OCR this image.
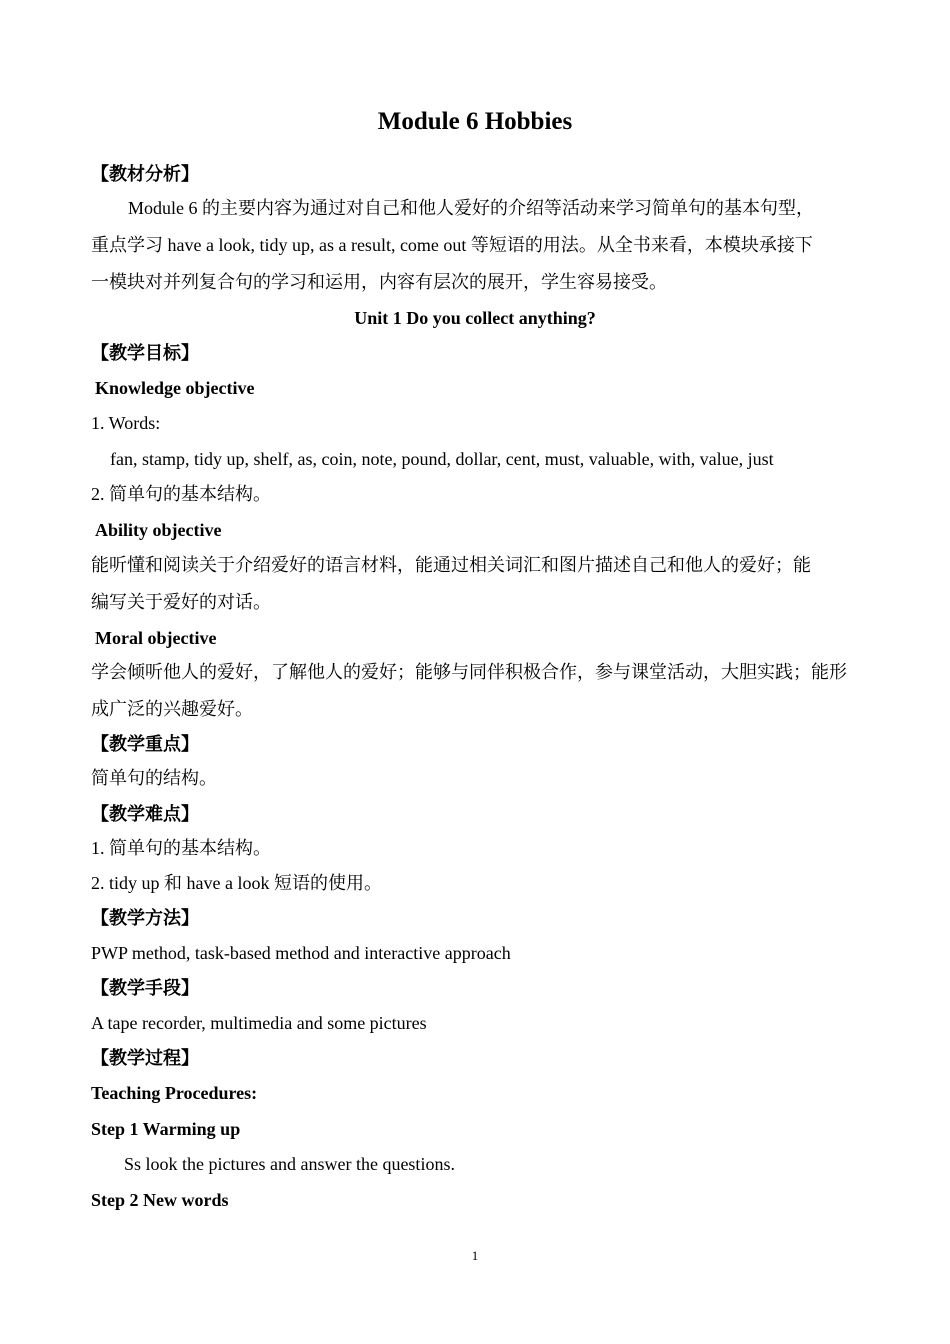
Module 6 Hobbies
【教材分析】
Module 6 的主要内容为通过对自己和他人爱好的介绍等活动来学习简单句的基本句型，
重点学习 have a look, tidy up, as a result, come out 等短语的用法。从全书来看，本模块承接下
一模块对并列复合句的学习和运用，内容有层次的展开，学生容易接受。
Unit 1 Do you collect anything?
【教学目标】
Knowledge objective
1. Words:
fan, stamp, tidy up, shelf, as, coin, note, pound, dollar, cent, must, valuable, with, value, just
2. 简单句的基本结构。
Ability objective
能听懂和阅读关于介绍爱好的语言材料，能通过相关词汇和图片描述自己和他人的爱好；能
编写关于爱好的对话。
Moral objective
学会倾听他人的爱好，了解他人的爱好；能够与同伴积极合作，参与课堂活动，大胆实践；能形
成广泛的兴趣爱好。
【教学重点】
简单句的结构。
【教学难点】
1. 简单句的基本结构。
2. tidy up 和 have a look 短语的使用。
【教学方法】
PWP method, task-based method and interactive approach
【教学手段】
A tape recorder, multimedia and some pictures
【教学过程】
Teaching Procedures:
Step 1 Warming up
Ss look the pictures and answer the questions.
Step 2 New words
1
